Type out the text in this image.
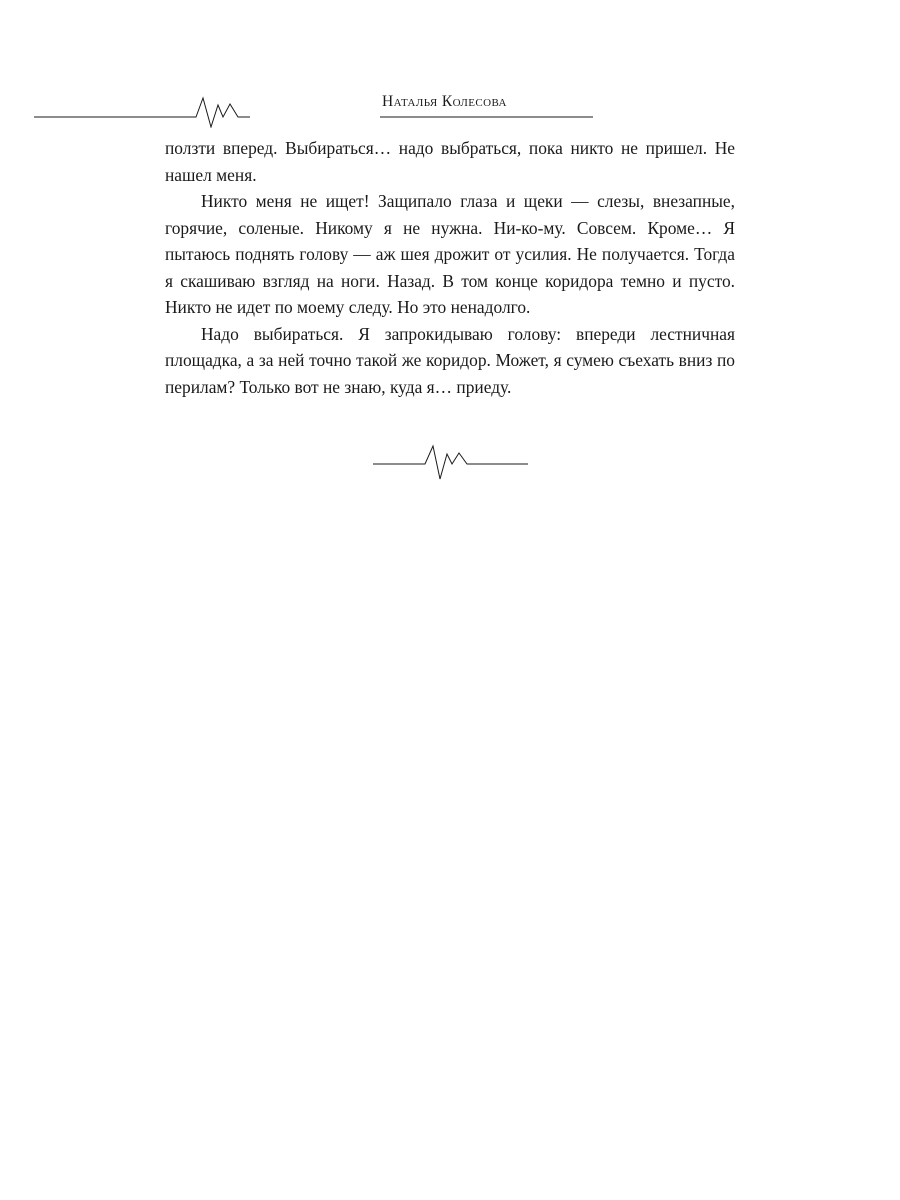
Наталья Колесова

ползти вперед. Выбираться… надо выбраться, пока никто не пришел. Не нашел меня.

Никто меня не ищет! Защипало глаза и щеки — слезы, внезапные, горячие, соленые. Никому я не нужна. Ни-ко-му. Совсем. Кроме… Я пытаюсь поднять голову — аж шея дрожит от усилия. Не получается. Тогда я скашиваю взгляд на ноги. Назад. В том конце коридора темно и пусто. Никто не идет по моему следу. Но это ненадолго.

Надо выбираться. Я запрокидываю голову: впереди лестничная площадка, а за ней точно такой же коридор. Может, я сумею съехать вниз по перилам? Только вот не знаю, куда я… приеду.
